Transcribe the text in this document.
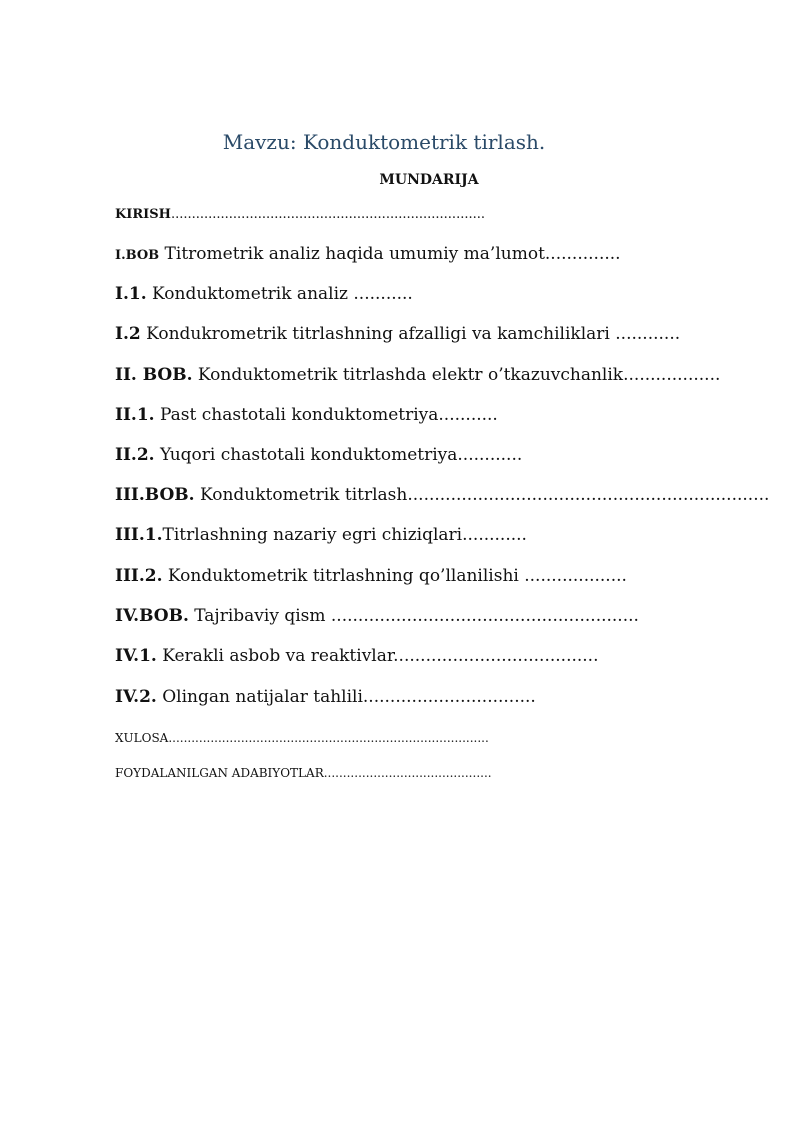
Mavzu: Konduktometrik tirlash.
MUNDARIJA
KIRISH............................................................................
I.BOB Titrometrik analiz haqida umumiy ma’lumot..............
I.1. Konduktometrik analiz ...........
I.2 Kondukrometrik titrlashning afzalligi va kamchiliklari ............
II. BOB. Konduktometrik titrlashda elektr o’tkazuvchanlik..................
II.1. Past chastotali konduktometriya...........
II.2. Yuqori chastotali konduktometriya............
III.BOB. Konduktometrik titrlash...................................................................
III.1.Titrlashning nazariy egri chiziqlari............
III.2. Konduktometrik titrlashning qo’llanilishi ...................
IV.BOB. Tajribaviy qism .........................................................
IV.1. Kerakli asbob va reaktivlar......................................
IV.2. Olingan natijalar tahlili................................
XULOSA....................................................................................
FOYDALANILGAN ADABIYOTLAR............................................
